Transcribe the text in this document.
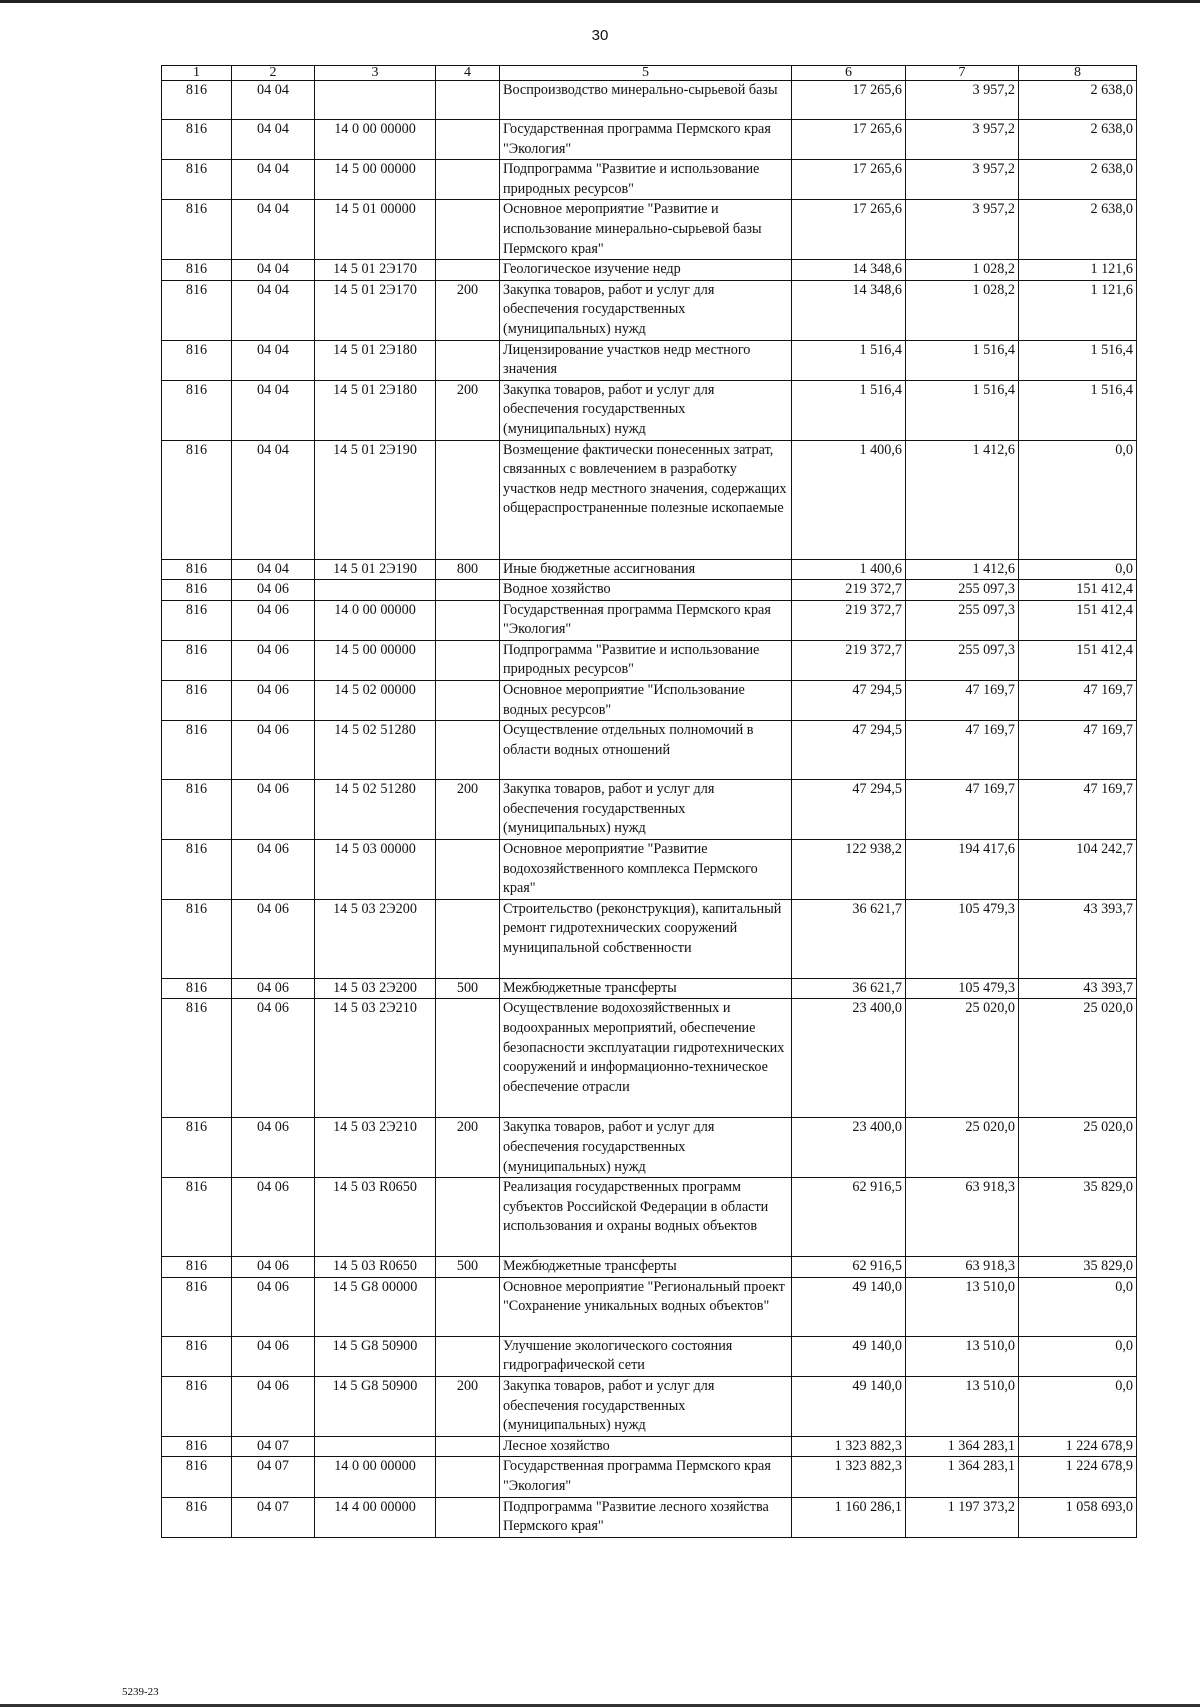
30
1	2	3	4	5	6	7	8
816	04 04			Воспроизводство минерально-сырьевой базы	17 265,6	3 957,2	2 638,0
816	04 04	14 0 00 00000		Государственная программа Пермского края "Экология"	17 265,6	3 957,2	2 638,0
816	04 04	14 5 00 00000		Подпрограмма "Развитие и использование природных ресурсов"	17 265,6	3 957,2	2 638,0
816	04 04	14 5 01 00000		Основное мероприятие "Развитие и использование минерально-сырьевой базы Пермского края"	17 265,6	3 957,2	2 638,0
816	04 04	14 5 01 2Э170		Геологическое изучение недр	14 348,6	1 028,2	1 121,6
816	04 04	14 5 01 2Э170	200	Закупка товаров, работ и услуг для обеспечения государственных (муниципальных) нужд	14 348,6	1 028,2	1 121,6
816	04 04	14 5 01 2Э180		Лицензирование участков недр местного значения	1 516,4	1 516,4	1 516,4
816	04 04	14 5 01 2Э180	200	Закупка товаров, работ и услуг для обеспечения государственных (муниципальных) нужд	1 516,4	1 516,4	1 516,4
816	04 04	14 5 01 2Э190		Возмещение фактически понесенных затрат, связанных с вовлечением в разработку участков недр местного значения, содержащих общераспространенные полезные ископаемые	1 400,6	1 412,6	0,0
816	04 04	14 5 01 2Э190	800	Иные бюджетные ассигнования	1 400,6	1 412,6	0,0
816	04 06			Водное хозяйство	219 372,7	255 097,3	151 412,4
816	04 06	14 0 00 00000		Государственная программа Пермского края "Экология"	219 372,7	255 097,3	151 412,4
816	04 06	14 5 00 00000		Подпрограмма "Развитие и использование природных ресурсов"	219 372,7	255 097,3	151 412,4
816	04 06	14 5 02 00000		Основное мероприятие "Использование водных ресурсов"	47 294,5	47 169,7	47 169,7
816	04 06	14 5 02 51280		Осуществление отдельных полномочий в области водных отношений	47 294,5	47 169,7	47 169,7
816	04 06	14 5 02 51280	200	Закупка товаров, работ и услуг для обеспечения государственных (муниципальных) нужд	47 294,5	47 169,7	47 169,7
816	04 06	14 5 03 00000		Основное мероприятие "Развитие водохозяйственного комплекса Пермского края"	122 938,2	194 417,6	104 242,7
816	04 06	14 5 03 2Э200		Строительство (реконструкция), капитальный ремонт гидротехнических сооружений муниципальной собственности	36 621,7	105 479,3	43 393,7
816	04 06	14 5 03 2Э200	500	Межбюджетные трансферты	36 621,7	105 479,3	43 393,7
816	04 06	14 5 03 2Э210		Осуществление водохозяйственных и водоохранных мероприятий, обеспечение безопасности эксплуатации гидротехнических сооружений и информационно-техническое обеспечение отрасли	23 400,0	25 020,0	25 020,0
816	04 06	14 5 03 2Э210	200	Закупка товаров, работ и услуг для обеспечения государственных (муниципальных) нужд	23 400,0	25 020,0	25 020,0
816	04 06	14 5 03 R0650		Реализация государственных программ субъектов Российской Федерации в области использования и охраны водных объектов	62 916,5	63 918,3	35 829,0
816	04 06	14 5 03 R0650	500	Межбюджетные трансферты	62 916,5	63 918,3	35 829,0
816	04 06	14 5 G8 00000		Основное мероприятие "Региональный проект "Сохранение уникальных водных объектов"	49 140,0	13 510,0	0,0
816	04 06	14 5 G8 50900		Улучшение экологического состояния гидрографической сети	49 140,0	13 510,0	0,0
816	04 06	14 5 G8 50900	200	Закупка товаров, работ и услуг для обеспечения государственных (муниципальных) нужд	49 140,0	13 510,0	0,0
816	04 07			Лесное хозяйство	1 323 882,3	1 364 283,1	1 224 678,9
816	04 07	14 0 00 00000		Государственная программа Пермского края "Экология"	1 323 882,3	1 364 283,1	1 224 678,9
816	04 07	14 4 00 00000		Подпрограмма "Развитие лесного хозяйства Пермского края"	1 160 286,1	1 197 373,2	1 058 693,0
5239-23
